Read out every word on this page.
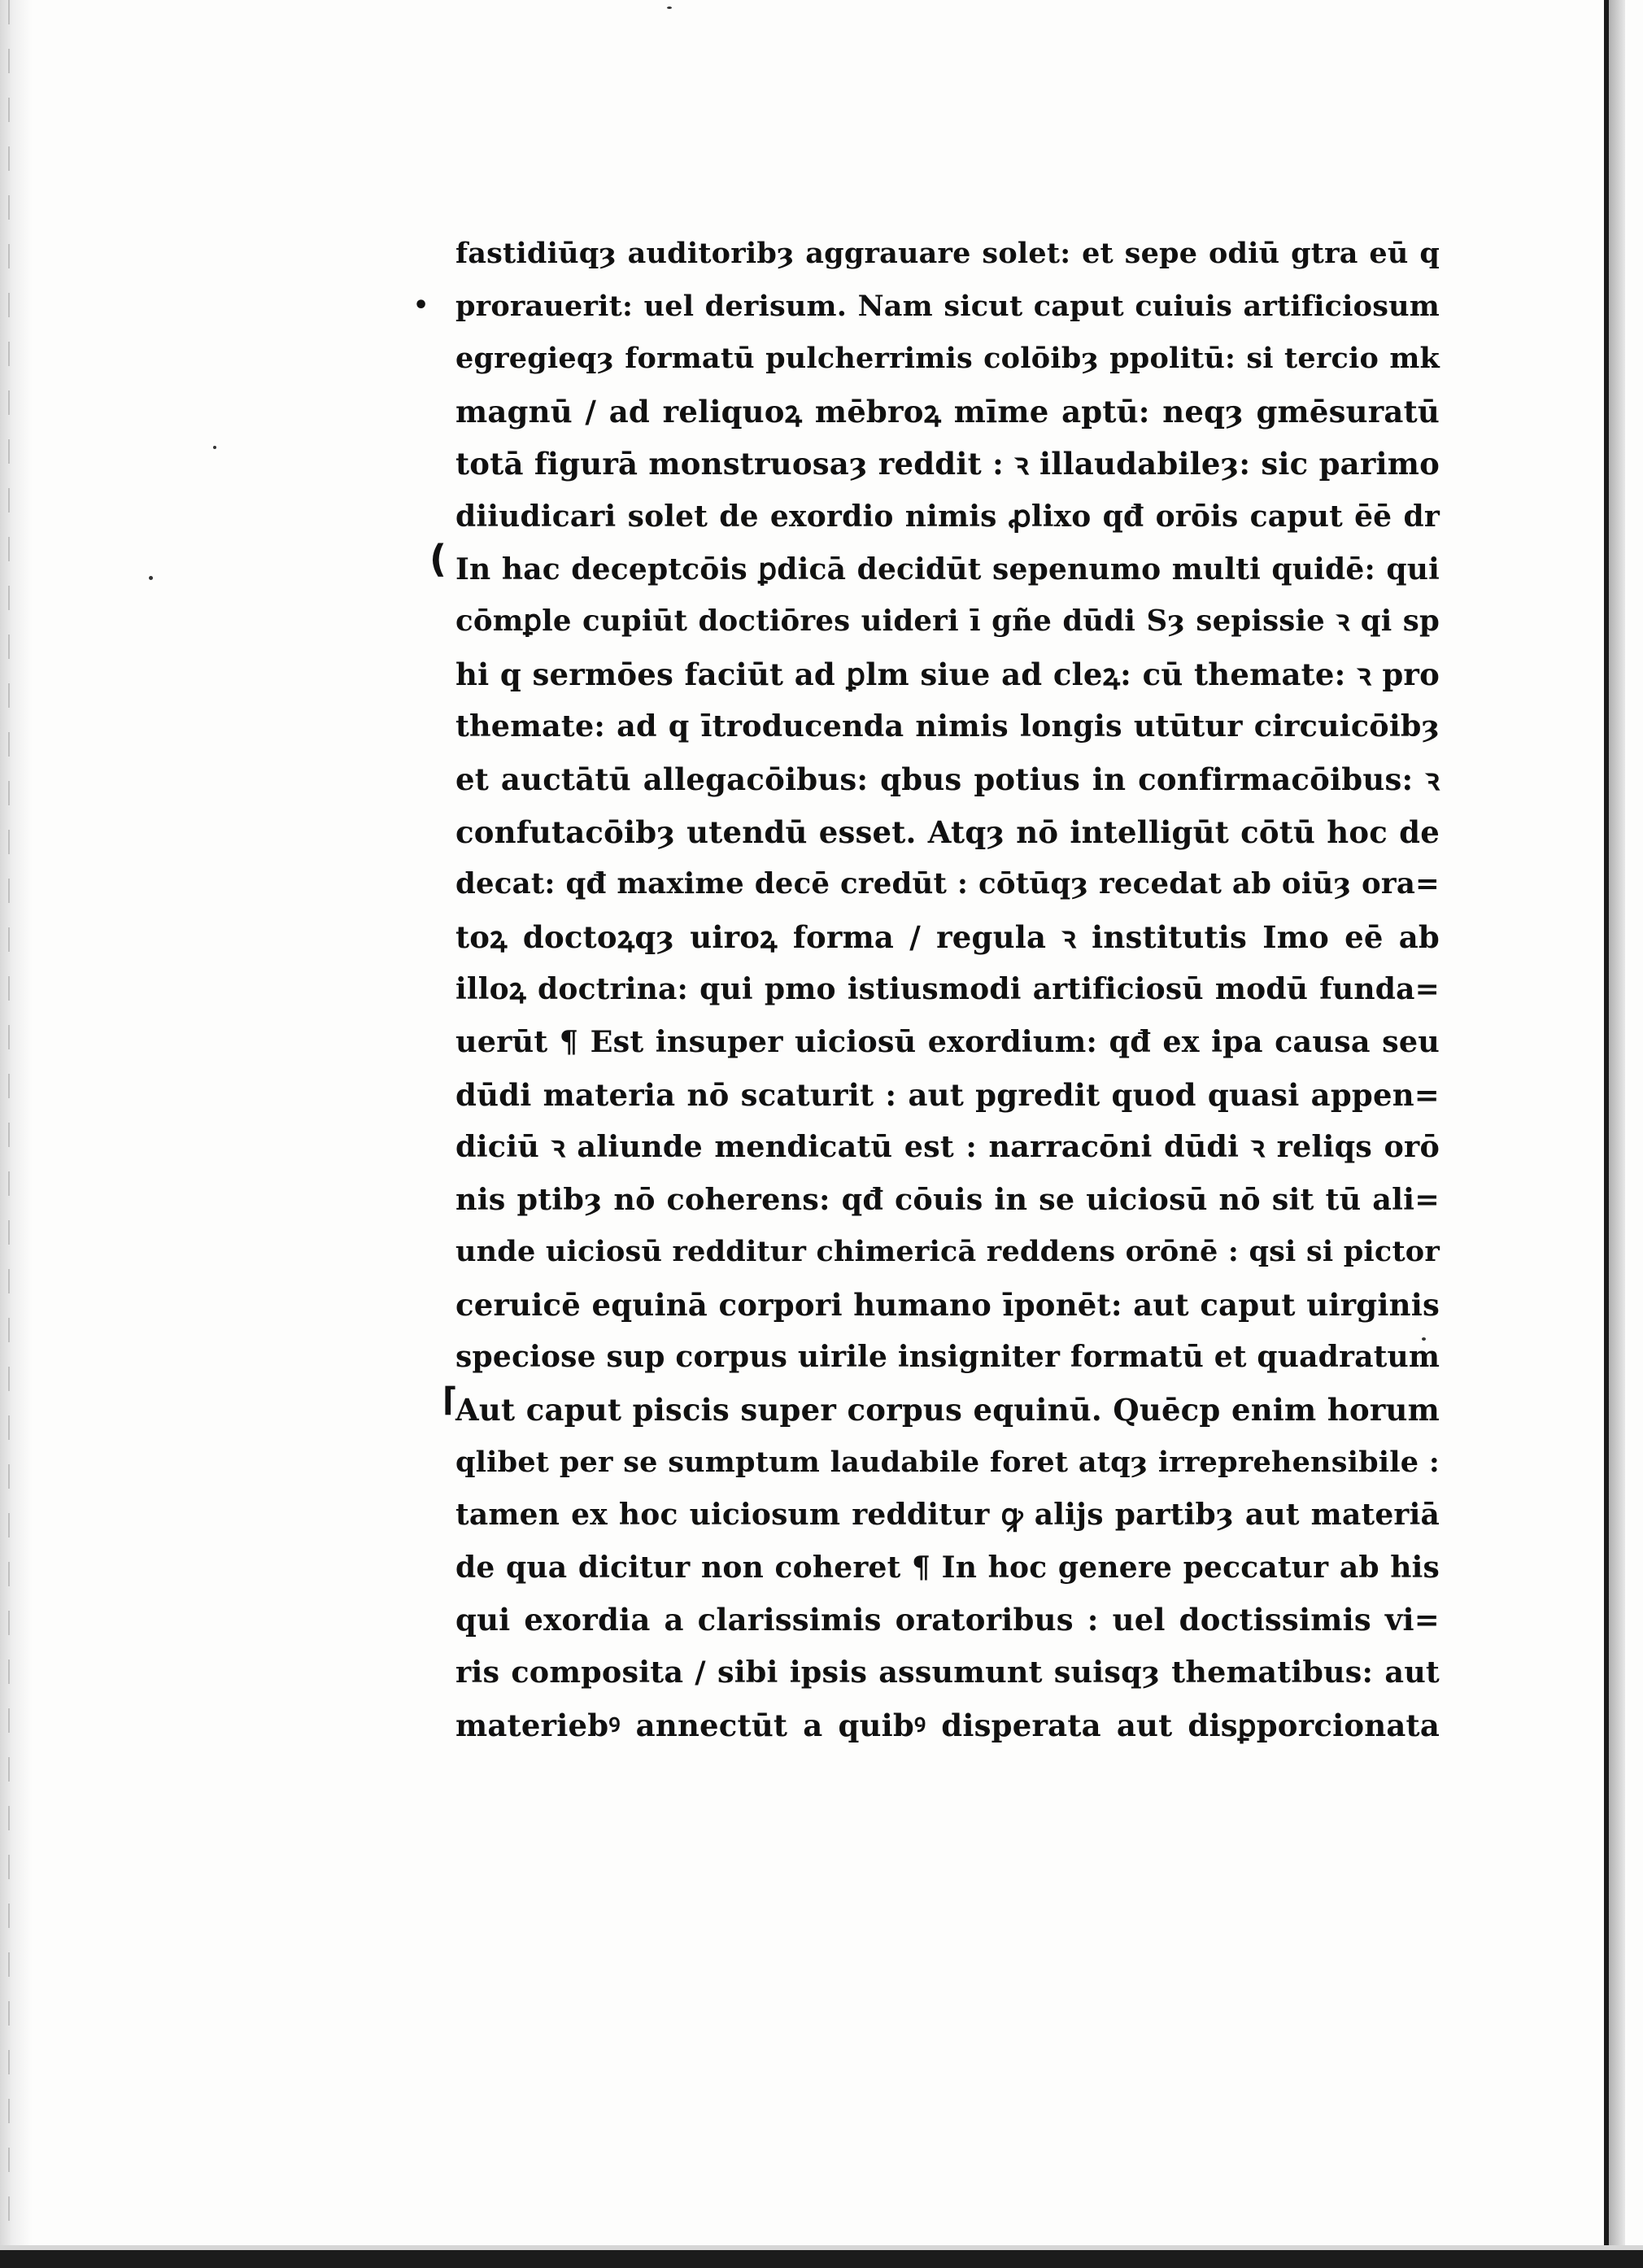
•
(
⌈
fastidiūqȝ auditoribȝ aggrauare solet: et sepe odiū gtra eū q
prorauerit: uel derisum. Nam sicut caput cuiuis artificiosum
egregieqȝ formatū pulcherrimis colōibȝ ppolitū: si tercio mk
magnū / ad reliquoꝝ mēbroꝝ mīme aptū: neqȝ gmēsuratū
totā figurā monstruosaȝ reddit : ꝛ illaudabileȝ: sic parimo
diiudicari solet de exordio nimis ꝓlixo qđ orōis caput ēē dr
In hac deceptcōis ꝑdicā decidūt sepenumo multi quidē: qui
cōmꝑle cupiūt doctiōres uideri ī gñe dūdi Sȝ sepissie ꝛ qi sp
hi q sermōes faciūt ad ꝑlm siue ad cleꝝ: cū themate: ꝛ pro
themate: ad q ītroducenda nimis longis utūtur circuicōibȝ
et auctātū allegacōibus: qbus potius in confirmacōibus: ꝛ
confutacōibȝ utendū esset. Atqȝ nō intelligūt cōtū hoc de
decat: qđ maxime decē credūt : cōtūqȝ recedat ab oiūȝ ora=
toꝝ doctoꝝqȝ uiroꝝ forma / regula ꝛ institutis Imo eē ab
illoꝝ doctrina: qui pmo istiusmodi artificiosū modū funda=
uerūt ¶ Est insuper uiciosū exordium: qđ ex ipa causa seu
dūdi materia nō scaturit : aut pgredit quod quasi appen=
diciū ꝛ aliunde mendicatū est : narracōni dūdi ꝛ reliqs orō
nis ptibȝ nō coherens: qđ cōuis in se uiciosū nō sit tū ali=
unde uiciosū redditur chimericā reddens orōnē : qsi si pictor
ceruicē equinā corpori humano īponēt: aut caput uirginis
speciose sup corpus uirile insigniter formatū et quadratum
Aut caput piscis super corpus equinū. Quēcp enim horum
qlibet per se sumptum laudabile foret atqȝ irreprehensibile :
tamen ex hoc uiciosum redditur ꝙ alijs partibȝ aut materiā
de qua dicitur non coheret ¶ In hoc genere peccatur ab his
qui exordia a clarissimis oratoribus : uel doctissimis vi=
ris composita / sibi ipsis assumunt suisqȝ thematibus: aut
materiebꝰ annectūt a quibꝰ disperata aut disꝑporcionata
